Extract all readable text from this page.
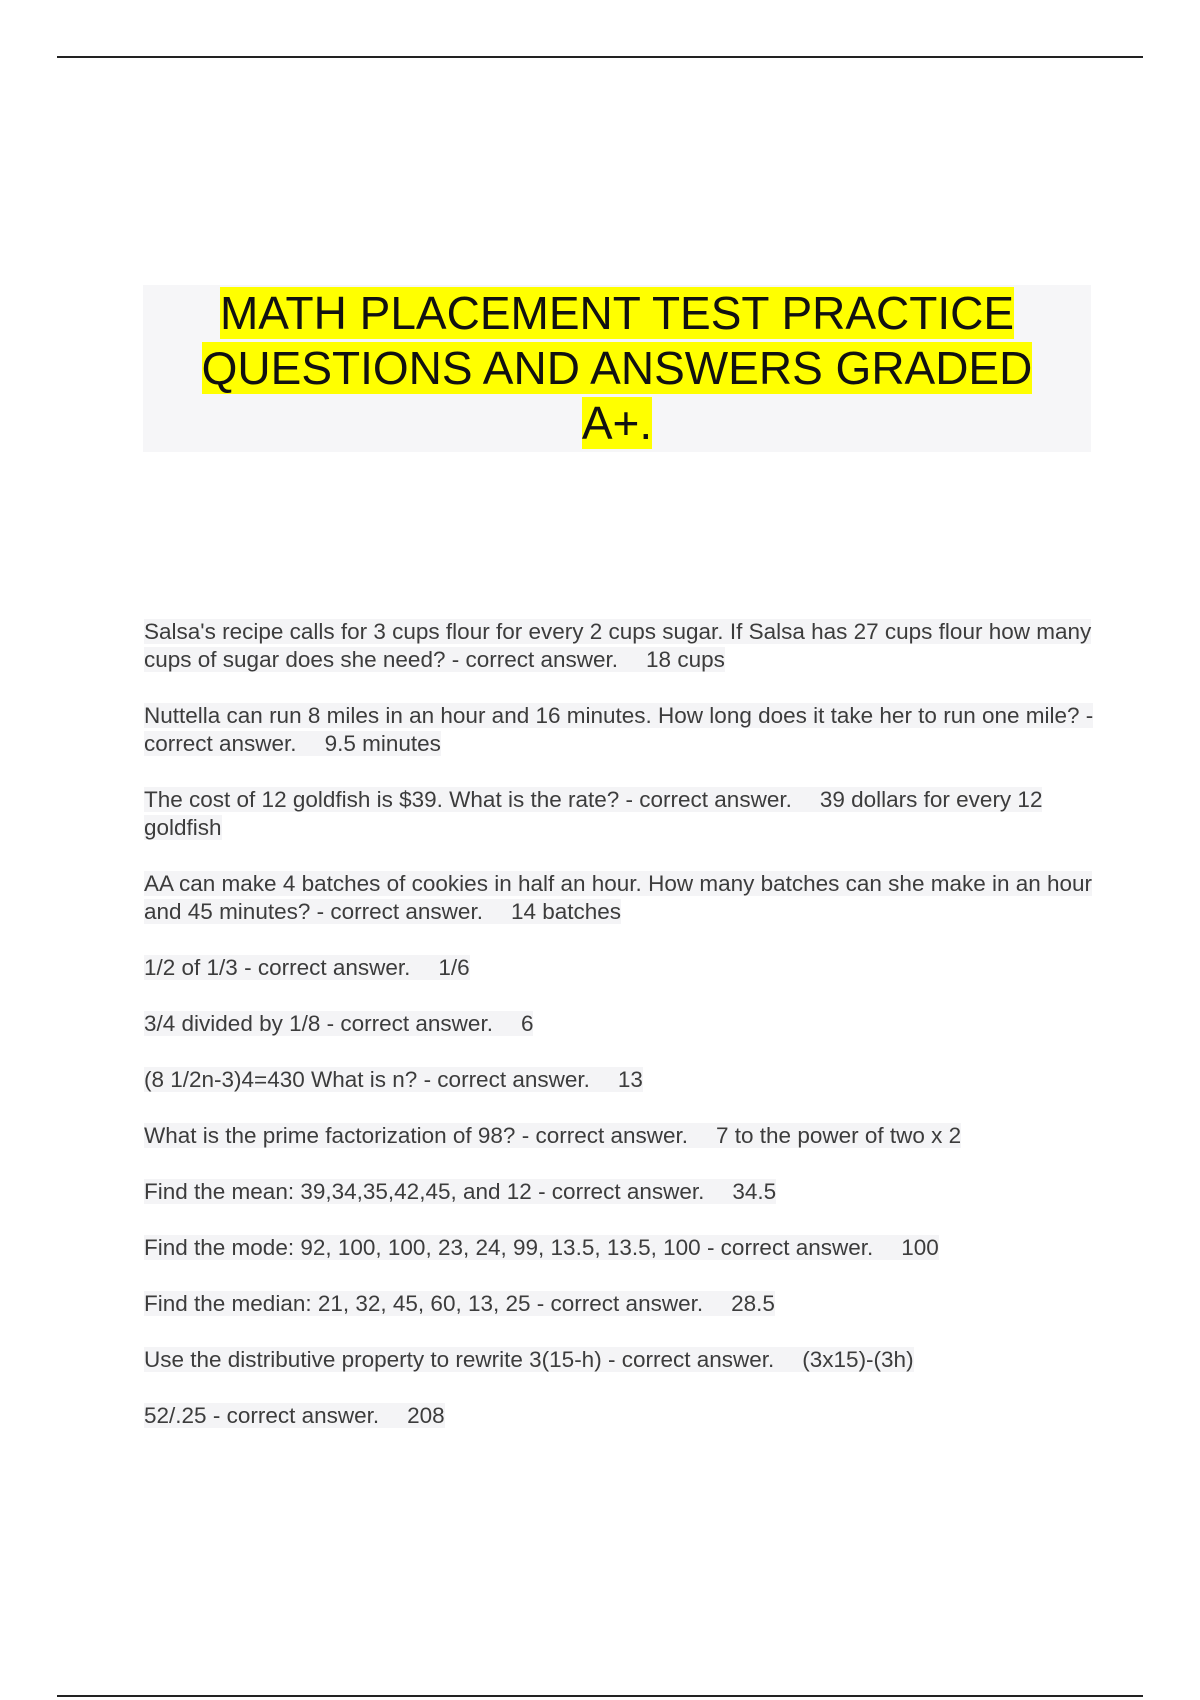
MATH PLACEMENT TEST PRACTICE QUESTIONS AND ANSWERS GRADED A+.

Salsa's recipe calls for 3 cups flour for every 2 cups sugar. If Salsa has 27 cups flour how many cups of sugar does she need? - correct answer. 18 cups

Nuttella can run 8 miles in an hour and 16 minutes. How long does it take her to run one mile? - correct answer. 9.5 minutes

The cost of 12 goldfish is $39. What is the rate? - correct answer. 39 dollars for every 12 goldfish

AA can make 4 batches of cookies in half an hour. How many batches can she make in an hour and 45 minutes? - correct answer. 14 batches

1/2 of 1/3 - correct answer. 1/6

3/4 divided by 1/8 - correct answer. 6

(8 1/2n-3)4=430 What is n? - correct answer. 13

What is the prime factorization of 98? - correct answer. 7 to the power of two x 2

Find the mean: 39,34,35,42,45, and 12 - correct answer. 34.5

Find the mode: 92, 100, 100, 23, 24, 99, 13.5, 13.5, 100 - correct answer. 100

Find the median: 21, 32, 45, 60, 13, 25 - correct answer. 28.5

Use the distributive property to rewrite 3(15-h) - correct answer. (3x15)-(3h)

52/.25 - correct answer. 208
